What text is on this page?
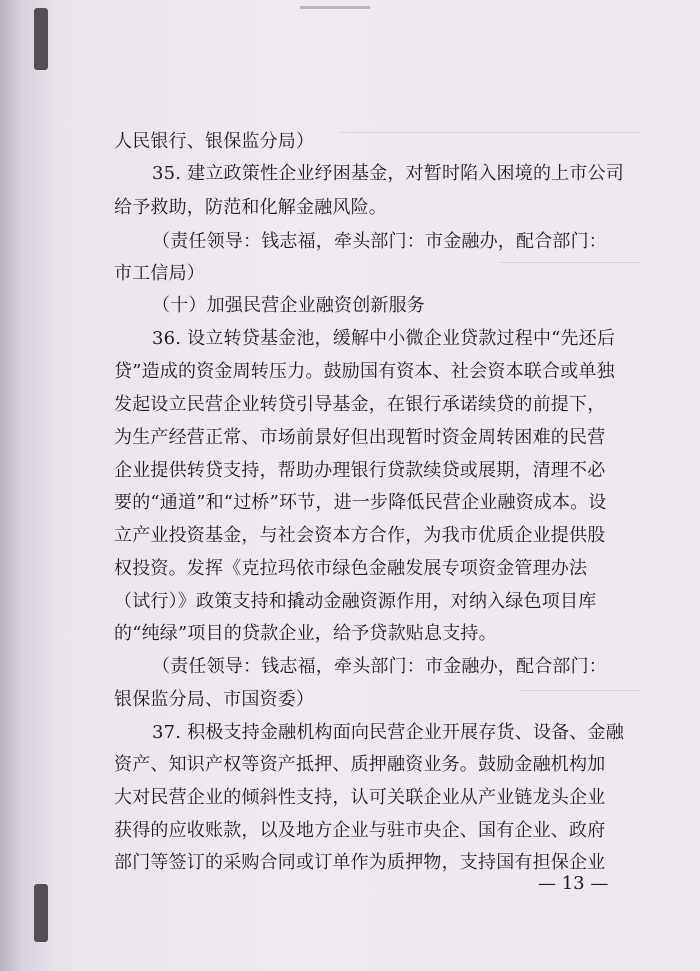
人民银行、银保监分局）
35. 建立政策性企业纾困基金，对暂时陷入困境的上市公司
给予救助，防范和化解金融风险。
（责任领导：钱志福，牵头部门：市金融办，配合部门：
市工信局）
（十）加强民营企业融资创新服务
36. 设立转贷基金池，缓解中小微企业贷款过程中“先还后
贷”造成的资金周转压力。鼓励国有资本、社会资本联合或单独
发起设立民营企业转贷引导基金，在银行承诺续贷的前提下，
为生产经营正常、市场前景好但出现暂时资金周转困难的民营
企业提供转贷支持，帮助办理银行贷款续贷或展期，清理不必
要的“通道”和“过桥”环节，进一步降低民营企业融资成本。设
立产业投资基金，与社会资本方合作，为我市优质企业提供股
权投资。发挥《克拉玛依市绿色金融发展专项资金管理办法
（试行）》政策支持和撬动金融资源作用，对纳入绿色项目库
的“纯绿”项目的贷款企业，给予贷款贴息支持。
（责任领导：钱志福，牵头部门：市金融办，配合部门：
银保监分局、市国资委）
37. 积极支持金融机构面向民营企业开展存货、设备、金融
资产、知识产权等资产抵押、质押融资业务。鼓励金融机构加
大对民营企业的倾斜性支持，认可关联企业从产业链龙头企业
获得的应收账款，以及地方企业与驻市央企、国有企业、政府
部门等签订的采购合同或订单作为质押物，支持国有担保企业
— 13 —
